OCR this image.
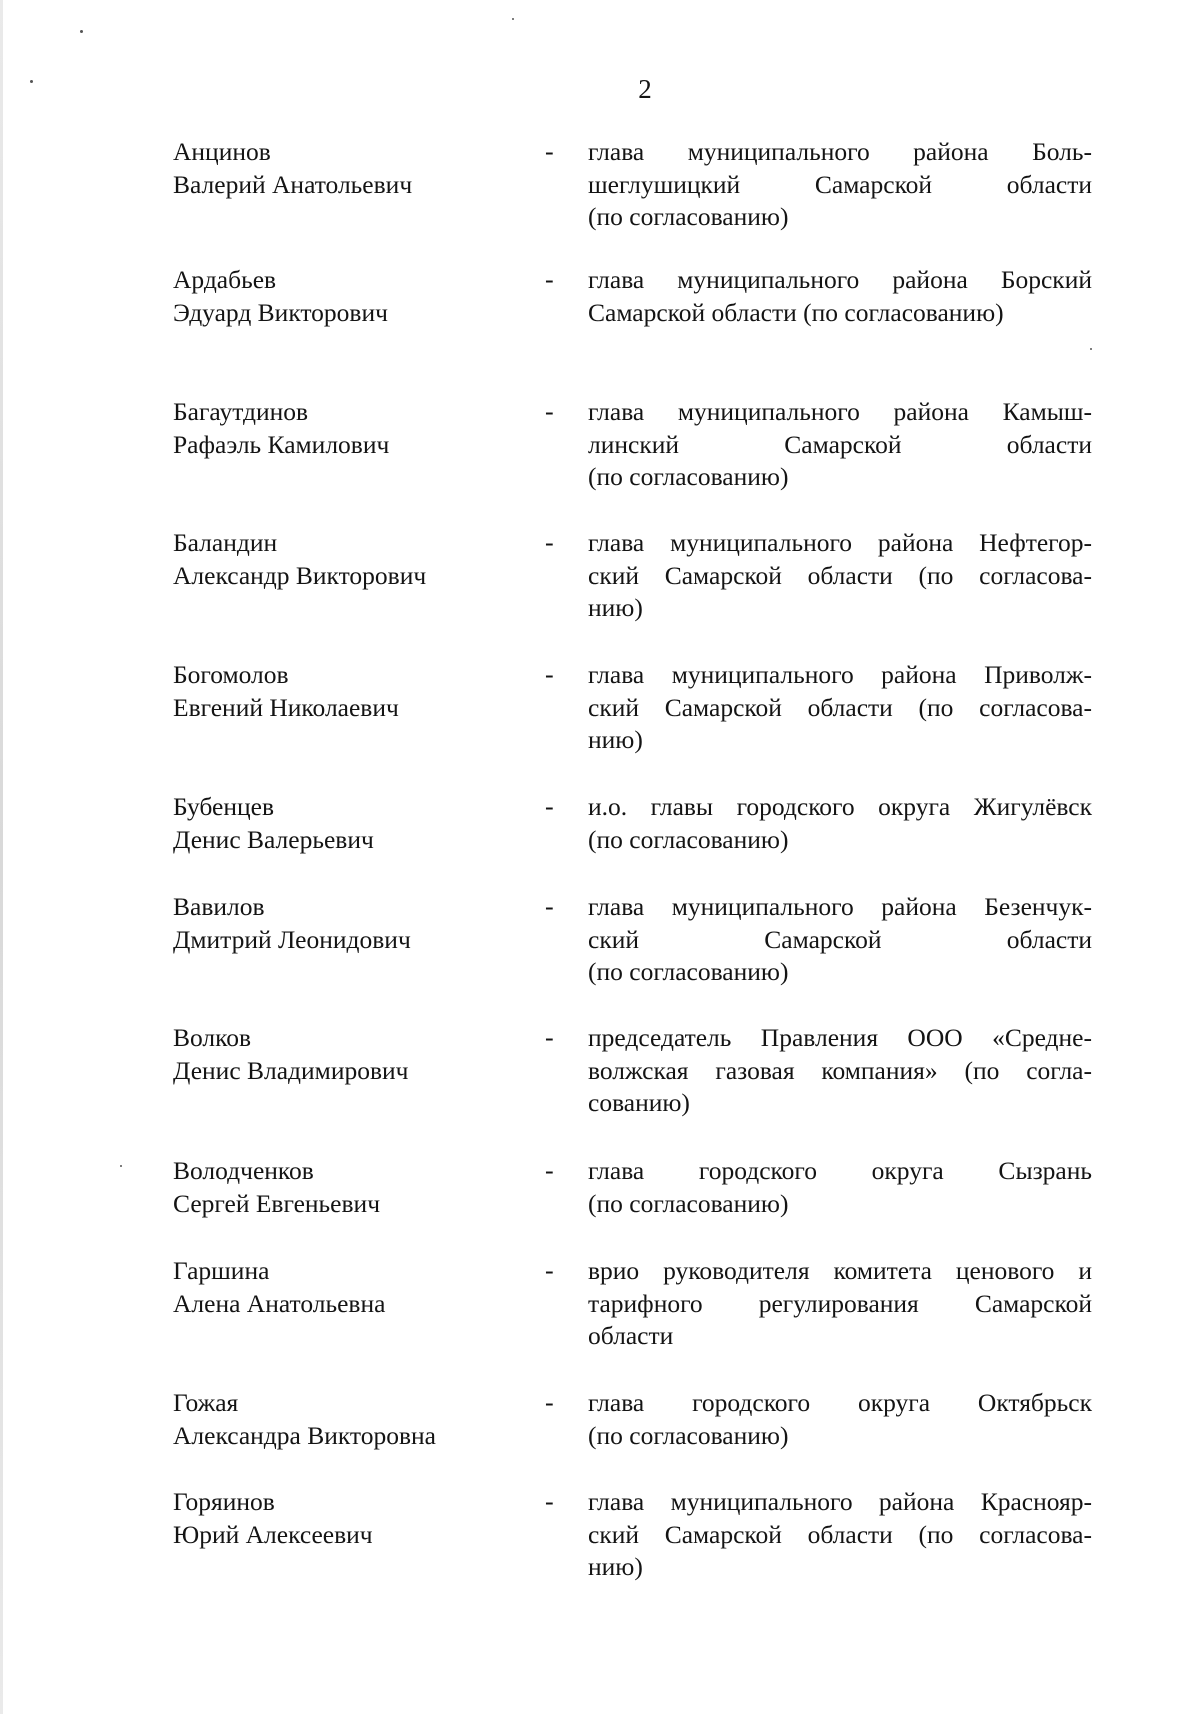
2
Анцинов
Валерий Анатольевич
- глава муниципального района Боль-
шеглушицкий Самарской области
(по согласованию)
Ардабьев
Эдуард Викторович
- глава муниципального района Борский
Самарской области (по согласованию)
Багаутдинов
Рафаэль Камилович
- глава муниципального района Камыш-
линский Самарской области
(по согласованию)
Баландин
Александр Викторович
- глава муниципального района Нефтегор-
ский Самарской области (по согласова-
нию)
Богомолов
Евгений Николаевич
- глава муниципального района Приволж-
ский Самарской области (по согласова-
нию)
Бубенцев
Денис Валерьевич
- и.о. главы городского округа Жигулёвск
(по согласованию)
Вавилов
Дмитрий Леонидович
- глава муниципального района Безенчук-
ский Самарской области
(по согласованию)
Волков
Денис Владимирович
- председатель Правления ООО «Средне-
волжская газовая компания» (по согла-
сованию)
Володченков
Сергей Евгеньевич
- глава городского округа Сызрань
(по согласованию)
Гаршина
Алена Анатольевна
- врио руководителя комитета ценового и
тарифного регулирования Самарской
области
Гожая
Александра Викторовна
- глава городского округа Октябрьск
(по согласованию)
Горяинов
Юрий Алексеевич
- глава муниципального района Краснояр-
ский Самарской области (по согласова-
нию)
